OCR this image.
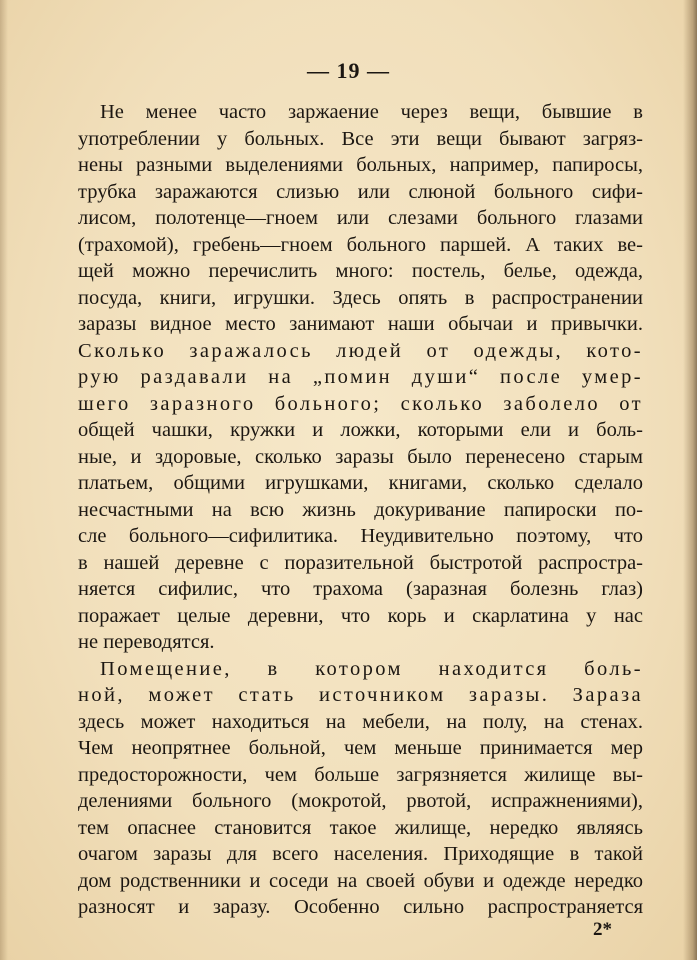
— 19 —
Не менее часто заржаение через вещи, бывшие в
употреблении у больных. Все эти вещи бывают загряз-
нены разными выделениями больных, например, папиросы,
трубка заражаются слизью или слюной больного сифи-
лисом, полотенце—гноем или слезами больного глазами
(трахомой), гребень—гноем больного паршей. А таких ве-
щей можно перечислить много: постель, белье, одежда,
посуда, книги, игрушки. Здесь опять в распространении
заразы видное место занимают наши обычаи и привычки.
Сколько заражалось людей от одежды, кото-
рую раздавали на „помин души“ после умер-
шего заразного больного; сколько заболело от
общей чашки, кружки и ложки, которыми ели и боль-
ные, и здоровые, сколько заразы было перенесено старым
платьем, общими игрушками, книгами, сколько сделало
несчастными на всю жизнь докуривание папироски по-
сле больного—сифилитика. Неудивительно поэтому, что
в нашей деревне с поразительной быстротой распростра-
няется сифилис, что трахома (заразная болезнь глаз)
поражает целые деревни, что корь и скарлатина у нас
не переводятся.
Помещение, в котором находится боль-
ной, может стать источником заразы. Зараза
здесь может находиться на мебели, на полу, на стенах.
Чем неопрятнее больной, чем меньше принимается мер
предосторожности, чем больше загрязняется жилище вы-
делениями больного (мокротой, рвотой, испражнениями),
тем опаснее становится такое жилище, нередко являясь
очагом заразы для всего населения. Приходящие в такой
дом родственники и соседи на своей обуви и одежде нередко
разносят и заразу. Особенно сильно распространяется
2*
